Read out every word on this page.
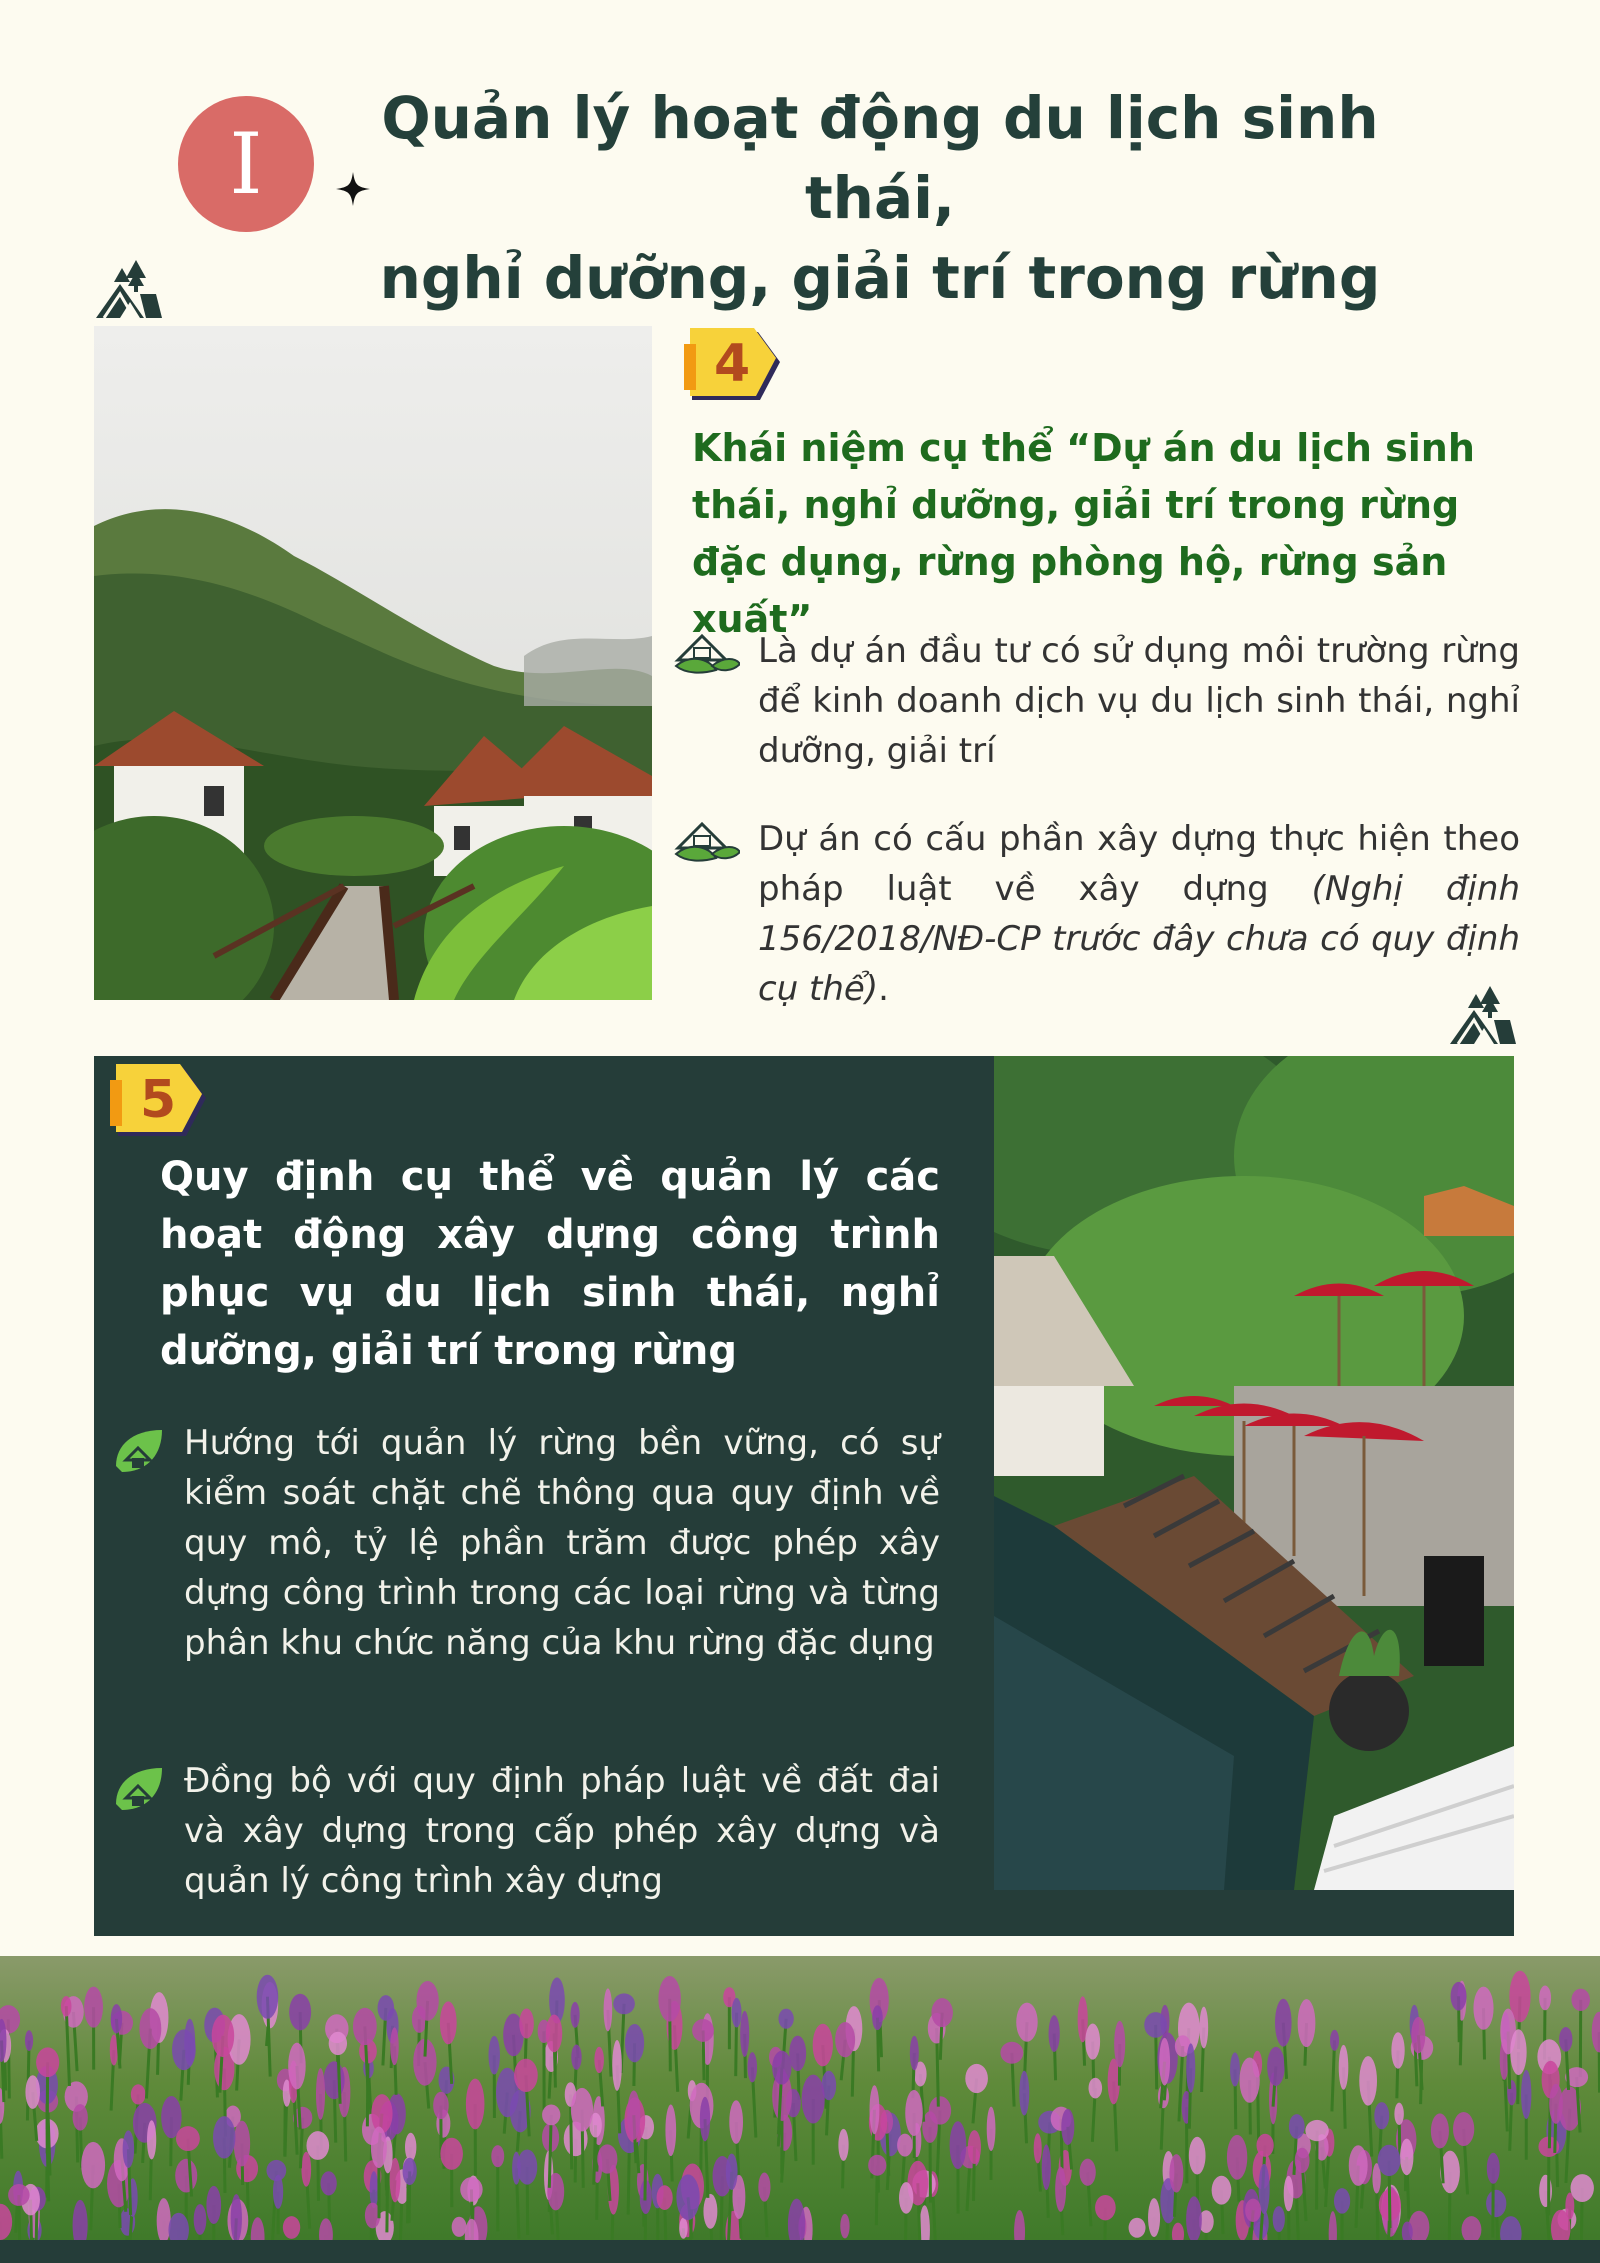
I	Quản lý hoạt động du lịch sinh thái,
nghỉ dưỡng, giải trí trong rừng
4
Khái niệm cụ thể “Dự án du lịch sinh thái, nghỉ dưỡng, giải trí trong rừng đặc dụng, rừng phòng hộ, rừng sản xuất”

Là dự án đầu tư có sử dụng môi trường rừng để kinh doanh dịch vụ du lịch sinh thái, nghỉ dưỡng, giải trí

Dự án có cấu phần xây dựng thực hiện theo pháp luật về xây dựng (Nghị định 156/2018/NĐ-CP trước đây chưa có quy định cụ thể).

5
Quy định cụ thể về quản lý các hoạt động xây dựng công trình phục vụ du lịch sinh thái, nghỉ dưỡng, giải trí trong rừng

Hướng tới quản lý rừng bền vững, có sự kiểm soát chặt chẽ thông qua quy định về quy mô, tỷ lệ phần trăm được phép xây dựng công trình trong các loại rừng và từng phân khu chức năng của khu rừng đặc dụng

Đồng bộ với quy định pháp luật về đất đai và xây dựng trong cấp phép xây dựng và quản lý công trình xây dựng
